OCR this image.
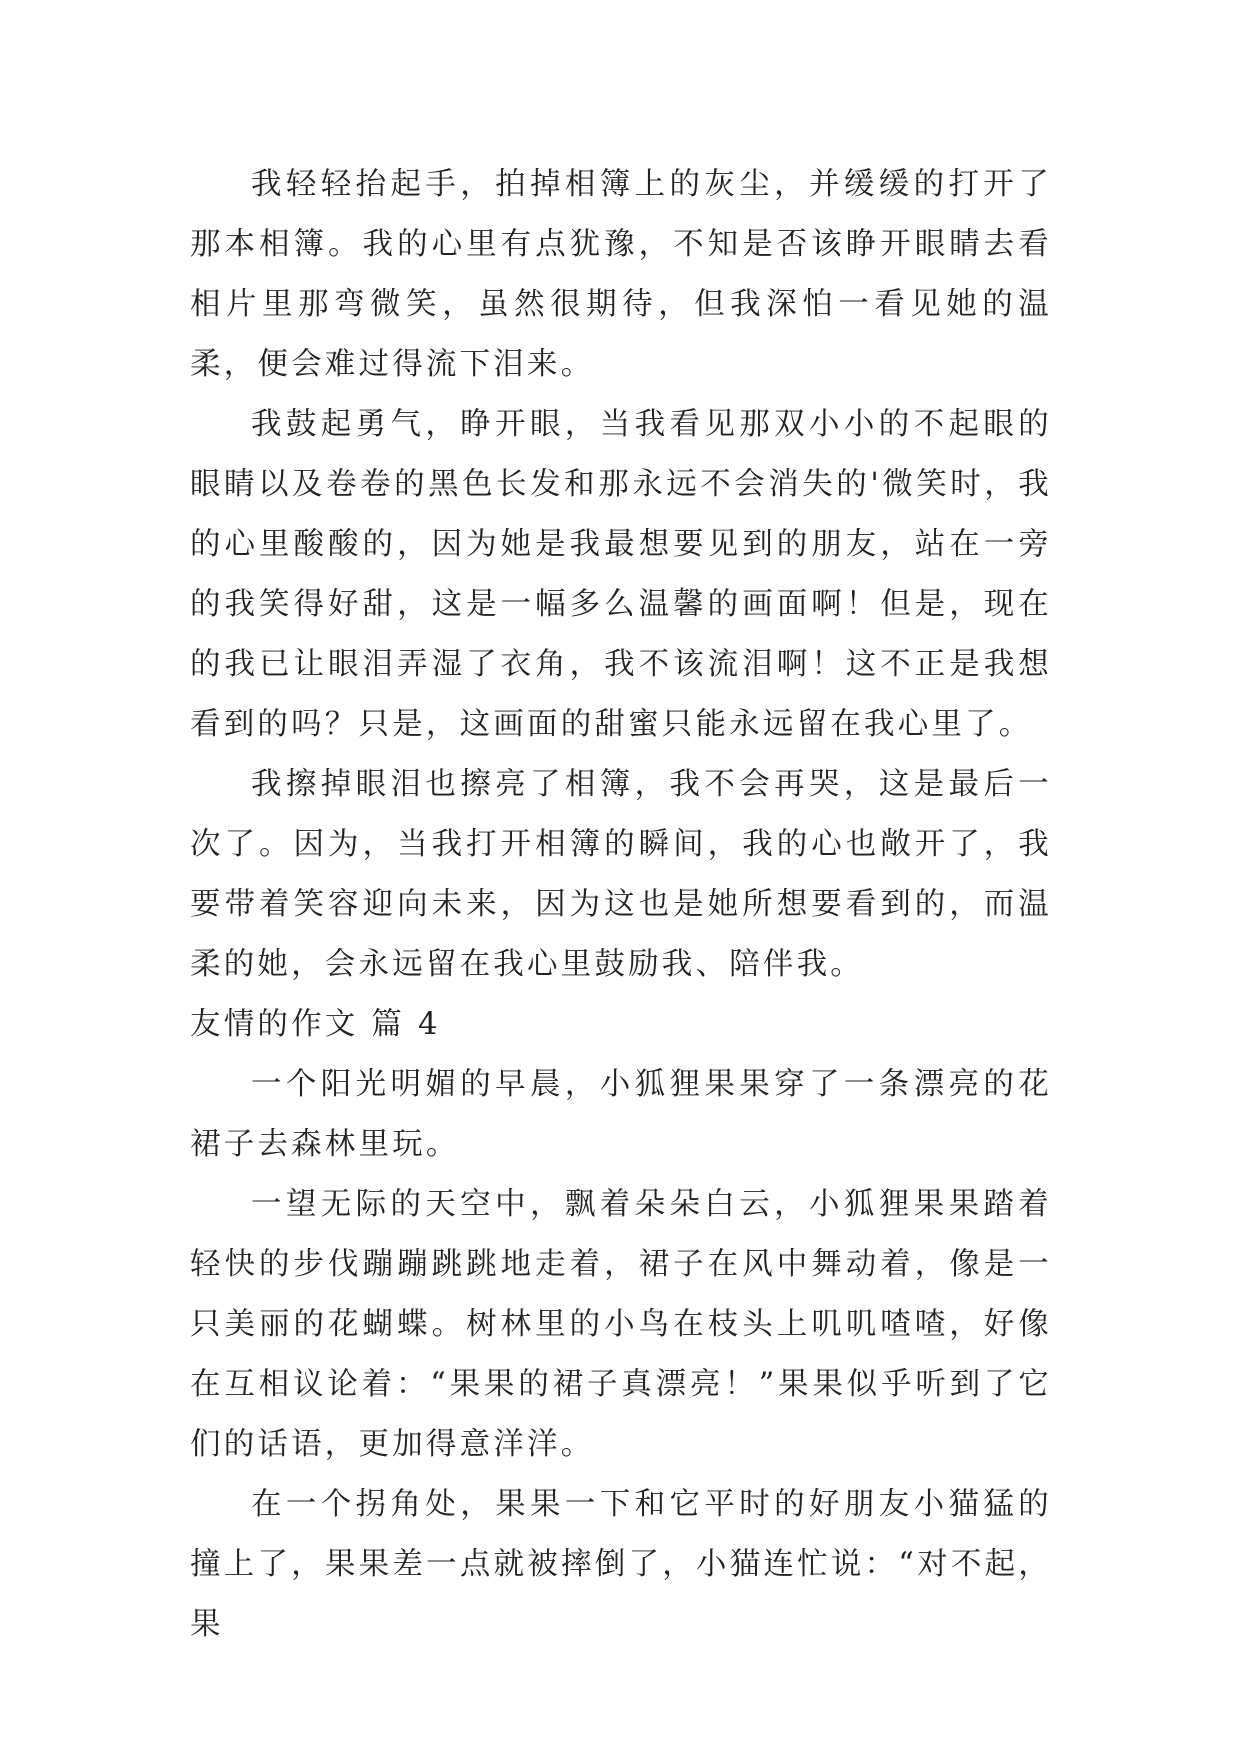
我轻轻抬起手，拍掉相簿上的灰尘，并缓缓的打开了那本相簿。我的心里有点犹豫，不知是否该睁开眼睛去看相片里那弯微笑，虽然很期待，但我深怕一看见她的温柔，便会难过得流下泪来。

我鼓起勇气，睁开眼，当我看见那双小小的不起眼的眼睛以及卷卷的黑色长发和那永远不会消失的'微笑时，我的心里酸酸的，因为她是我最想要见到的朋友，站在一旁的我笑得好甜，这是一幅多么温馨的画面啊！但是，现在的我已让眼泪弄湿了衣角，我不该流泪啊！这不正是我想看到的吗？只是，这画面的甜蜜只能永远留在我心里了。

我擦掉眼泪也擦亮了相簿，我不会再哭，这是最后一次了。因为，当我打开相簿的瞬间，我的心也敞开了，我要带着笑容迎向未来，因为这也是她所想要看到的，而温柔的她，会永远留在我心里鼓励我、陪伴我。

友情的作文 篇 4

一个阳光明媚的早晨，小狐狸果果穿了一条漂亮的花裙子去森林里玩。

一望无际的天空中，飘着朵朵白云，小狐狸果果踏着轻快的步伐蹦蹦跳跳地走着，裙子在风中舞动着，像是一只美丽的花蝴蝶。树林里的小鸟在枝头上叽叽喳喳，好像在互相议论着：“果果的裙子真漂亮！”果果似乎听到了它们的话语，更加得意洋洋。

在一个拐角处，果果一下和它平时的好朋友小猫猛的撞上了，果果差一点就被摔倒了，小猫连忙说：“对不起，果
